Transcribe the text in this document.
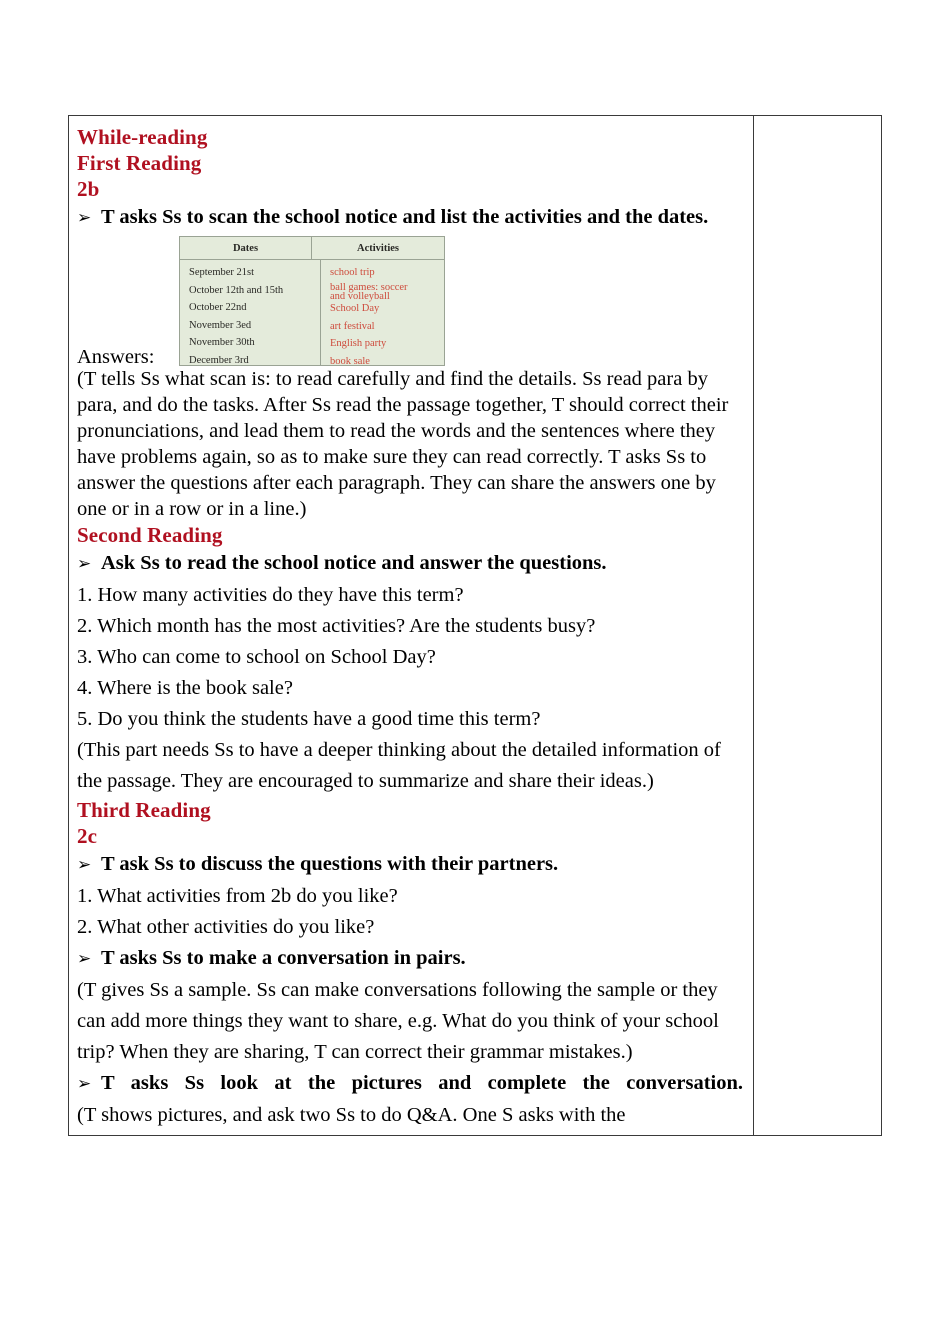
While-reading
First Reading
2b
➢ T asks Ss to scan the school notice and list the activities and the dates.
Dates	Activities
September 21st
October 12th and 15th
October 22nd
November 3ed
November 30th
December 3rd
school trip
ball games: soccer
and volleyball
School Day
art festival
English party
book sale
Answers:
(T tells Ss what scan is: to read carefully and find the details. Ss read para by para, and do the tasks. After Ss read the passage together, T should correct their pronunciations, and lead them to read the words and the sentences where they have problems again, so as to make sure they can read correctly. T asks Ss to answer the questions after each paragraph. They can share the answers one by one or in a row or in a line.)
Second Reading
➢ Ask Ss to read the school notice and answer the questions.
1. How many activities do they have this term?
2. Which month has the most activities? Are the students busy?
3. Who can come to school on School Day?
4. Where is the book sale?
5. Do you think the students have a good time this term?
(This part needs Ss to have a deeper thinking about the detailed information of the passage. They are encouraged to summarize and share their ideas.)
Third Reading
2c
➢ T ask Ss to discuss the questions with their partners.
1. What activities from 2b do you like?
2. What other activities do you like?
➢ T asks Ss to make a conversation in pairs.
(T gives Ss a sample. Ss can make conversations following the sample or they can add more things they want to share, e.g. What do you think of your school trip? When they are sharing, T can correct their grammar mistakes.)
➢ T asks Ss look at the pictures and complete the conversation.
(T shows pictures, and ask two Ss to do Q&A. One S asks with the
